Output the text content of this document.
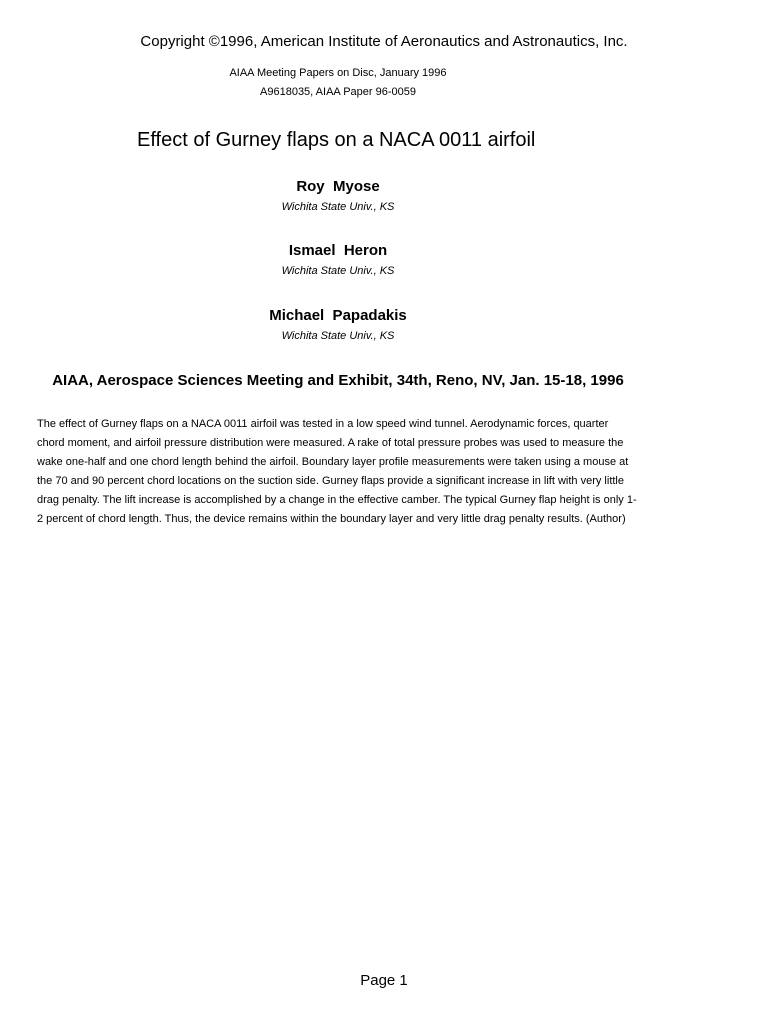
Copyright ©1996, American Institute of Aeronautics and Astronautics, Inc.
AIAA Meeting Papers on Disc, January 1996
A9618035, AIAA Paper 96-0059
Effect of Gurney flaps on a NACA 0011 airfoil
Roy  Myose
Wichita State Univ., KS
Ismael  Heron
Wichita State Univ., KS
Michael  Papadakis
Wichita State Univ., KS
AIAA, Aerospace Sciences Meeting and Exhibit, 34th, Reno, NV, Jan. 15-18, 1996

The effect of Gurney flaps on a NACA 0011 airfoil was tested in a low speed wind tunnel. Aerodynamic forces, quarter chord moment, and airfoil pressure distribution were measured. A rake of total pressure probes was used to measure the wake one-half and one chord length behind the airfoil. Boundary layer profile measurements were taken using a mouse at the 70 and 90 percent chord locations on the suction side. Gurney flaps provide a significant increase in lift with very little drag penalty. The lift increase is accomplished by a change in the effective camber. The typical Gurney flap height is only 1-2 percent of chord length. Thus, the device remains within the boundary layer and very little drag penalty results. (Author)

Page 1
